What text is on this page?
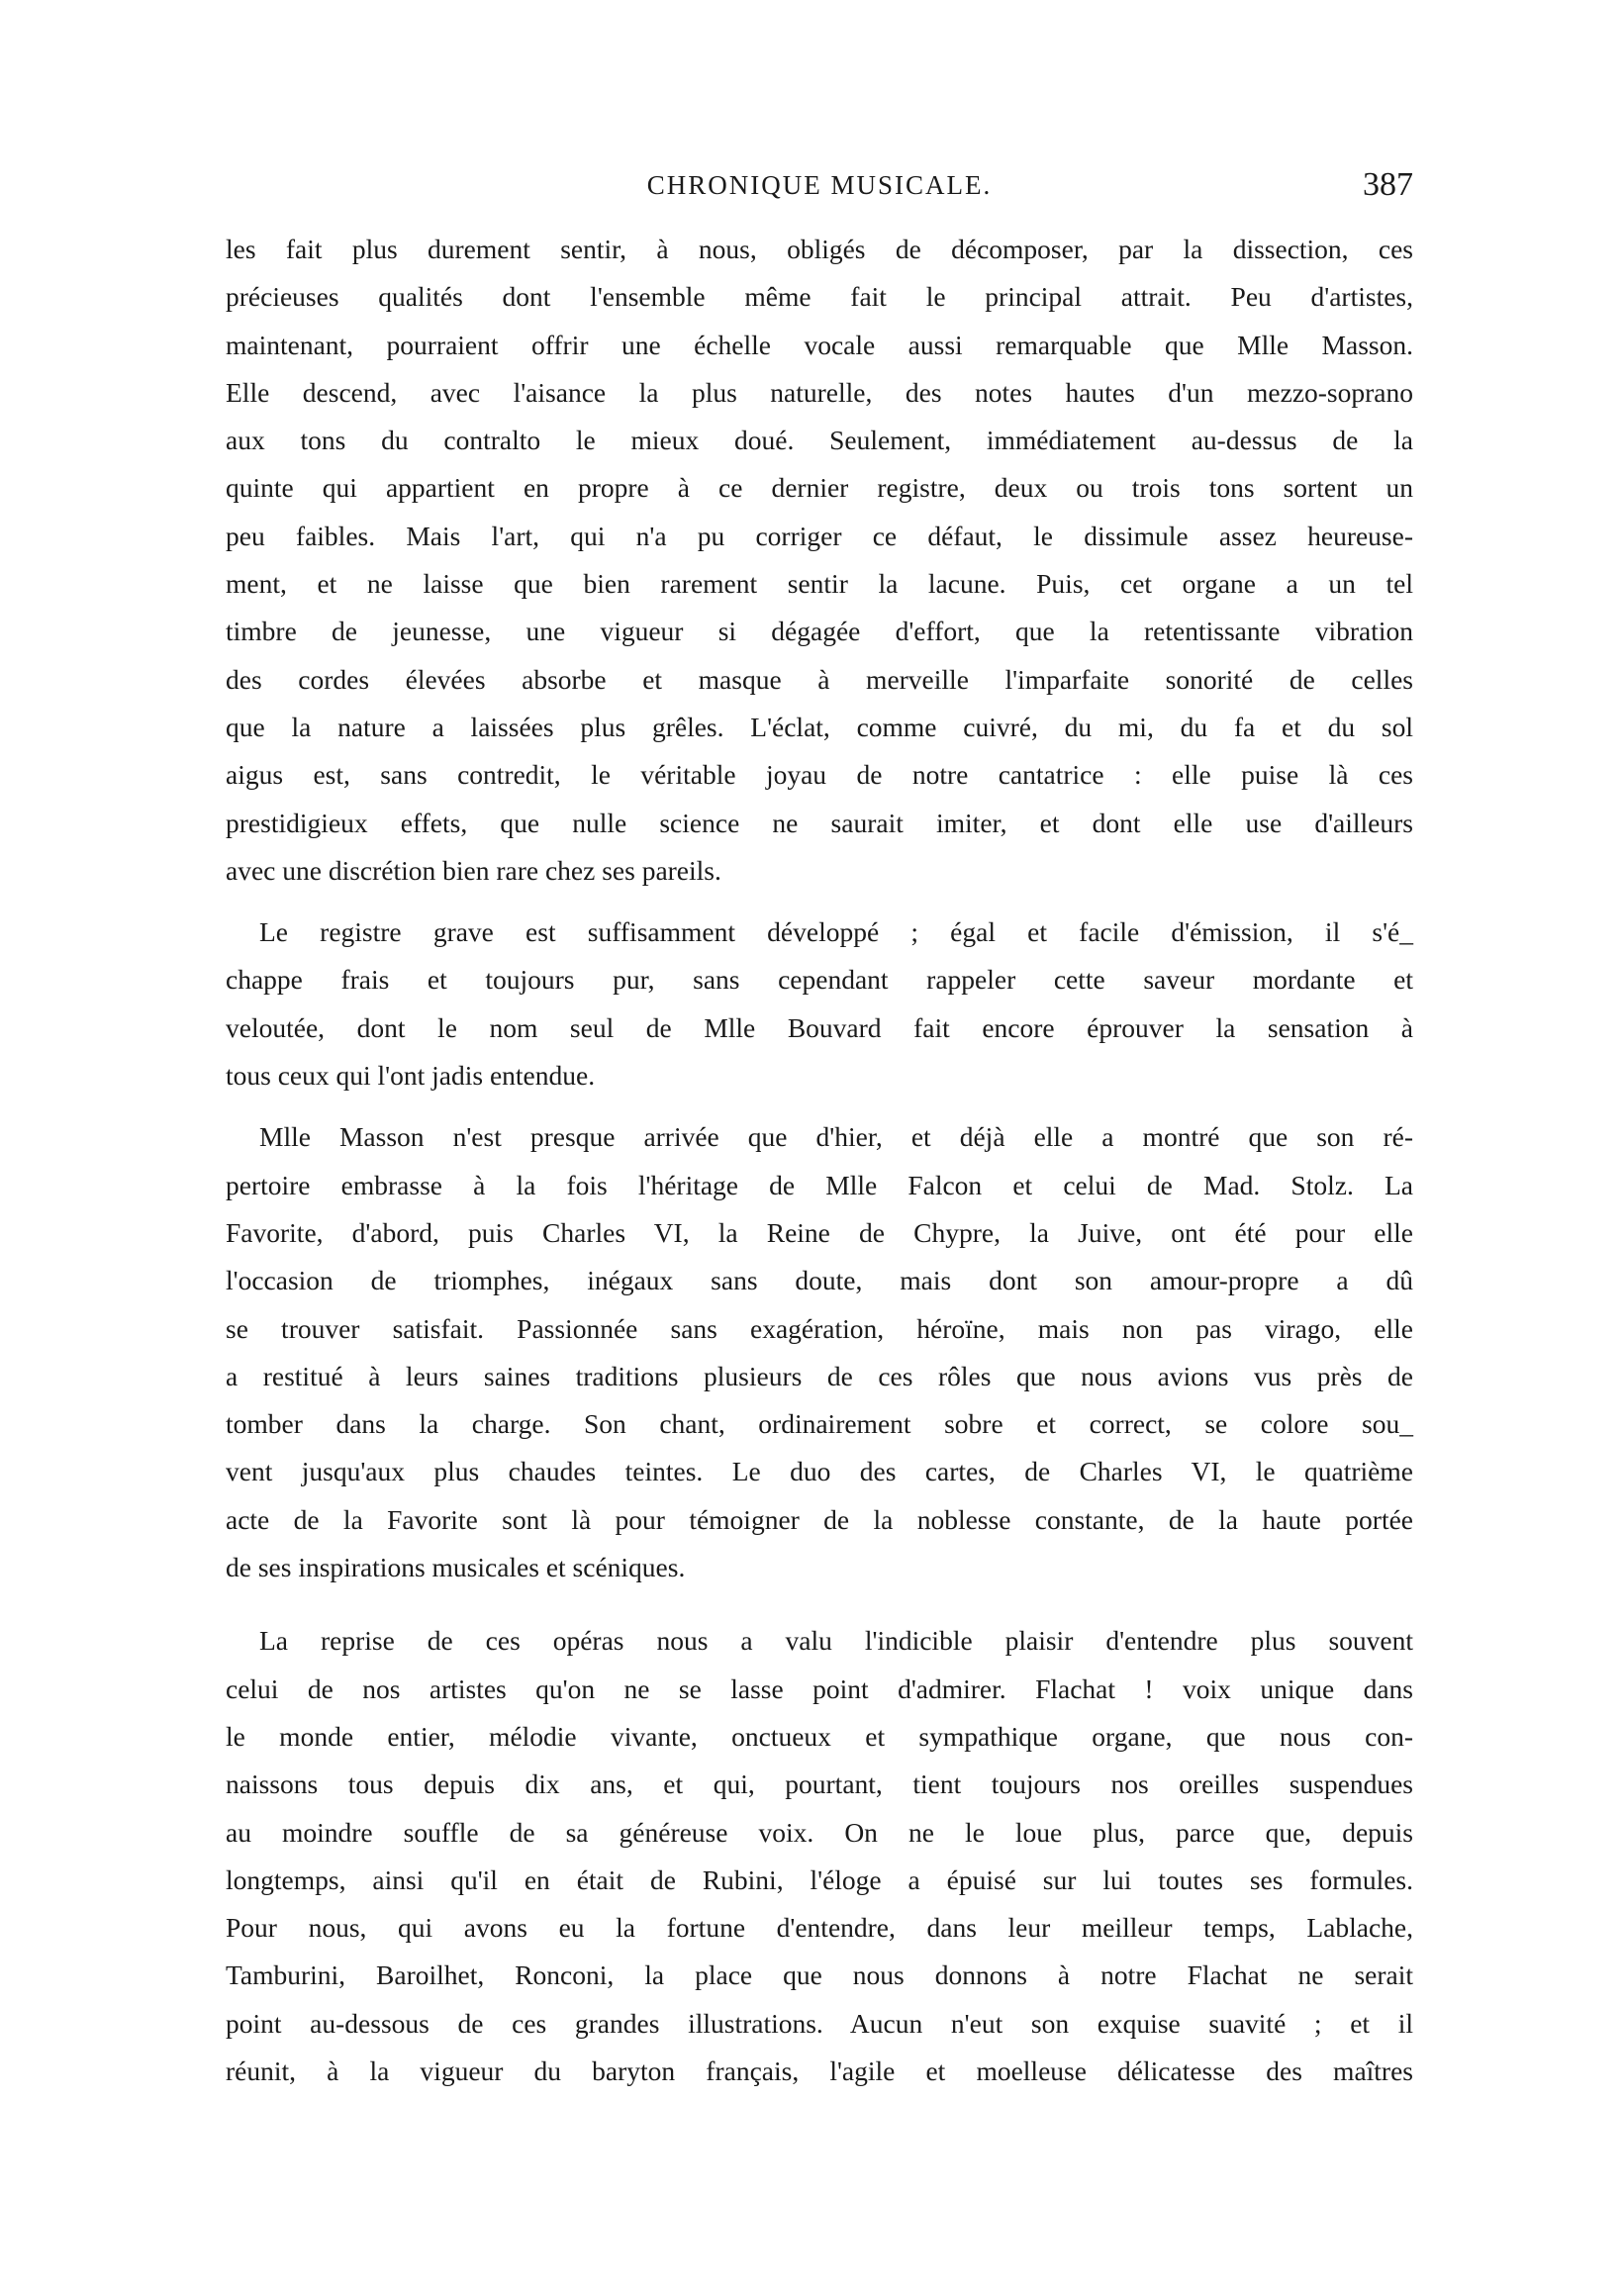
CHRONIQUE MUSICALE.	387
les fait plus durement sentir, à nous, obligés de décomposer, par la dissection, ces
précieuses qualités dont l'ensemble même fait le principal attrait. Peu d'artistes,
maintenant, pourraient offrir une échelle vocale aussi remarquable que Mlle Masson.
Elle descend, avec l'aisance la plus naturelle, des notes hautes d'un mezzo-soprano
aux tons du contralto le mieux doué. Seulement, immédiatement au-dessus de la
quinte qui appartient en propre à ce dernier registre, deux ou trois tons sortent un
peu faibles. Mais l'art, qui n'a pu corriger ce défaut, le dissimule assez heureuse-
ment, et ne laisse que bien rarement sentir la lacune. Puis, cet organe a un tel
timbre de jeunesse, une vigueur si dégagée d'effort, que la retentissante vibration
des cordes élevées absorbe et masque à merveille l'imparfaite sonorité de celles
que la nature a laissées plus grêles. L'éclat, comme cuivré, du mi, du fa et du sol
aigus est, sans contredit, le véritable joyau de notre cantatrice : elle puise là ces
prestidigieux effets, que nulle science ne saurait imiter, et dont elle use d'ailleurs
avec une discrétion bien rare chez ses pareils.
Le registre grave est suffisamment développé ; égal et facile d'émission, il s'é_
chappe frais et toujours pur, sans cependant rappeler cette saveur mordante et
veloutée, dont le nom seul de Mlle Bouvard fait encore éprouver la sensation à
tous ceux qui l'ont jadis entendue.
Mlle Masson n'est presque arrivée que d'hier, et déjà elle a montré que son ré-
pertoire embrasse à la fois l'héritage de Mlle Falcon et celui de Mad. Stolz. La
Favorite, d'abord, puis Charles VI, la Reine de Chypre, la Juive, ont été pour elle
l'occasion de triomphes, inégaux sans doute, mais dont son amour-propre a dû
se trouver satisfait. Passionnée sans exagération, héroïne, mais non pas virago, elle
a restitué à leurs saines traditions plusieurs de ces rôles que nous avions vus près de
tomber dans la charge. Son chant, ordinairement sobre et correct, se colore sou_
vent jusqu'aux plus chaudes teintes. Le duo des cartes, de Charles VI, le quatrième
acte de la Favorite sont là pour témoigner de la noblesse constante, de la haute portée
de ses inspirations musicales et scéniques.
La reprise de ces opéras nous a valu l'indicible plaisir d'entendre plus souvent
celui de nos artistes qu'on ne se lasse point d'admirer. Flachat ! voix unique dans
le monde entier, mélodie vivante, onctueux et sympathique organe, que nous con-
naissons tous depuis dix ans, et qui, pourtant, tient toujours nos oreilles suspendues
au moindre souffle de sa généreuse voix. On ne le loue plus, parce que, depuis
longtemps, ainsi qu'il en était de Rubini, l'éloge a épuisé sur lui toutes ses formules.
Pour nous, qui avons eu la fortune d'entendre, dans leur meilleur temps, Lablache,
Tamburini, Baroilhet, Ronconi, la place que nous donnons à notre Flachat ne serait
point au-dessous de ces grandes illustrations. Aucun n'eut son exquise suavité ; et il
réunit, à la vigueur du baryton français, l'agile et moelleuse délicatesse des maîtres
